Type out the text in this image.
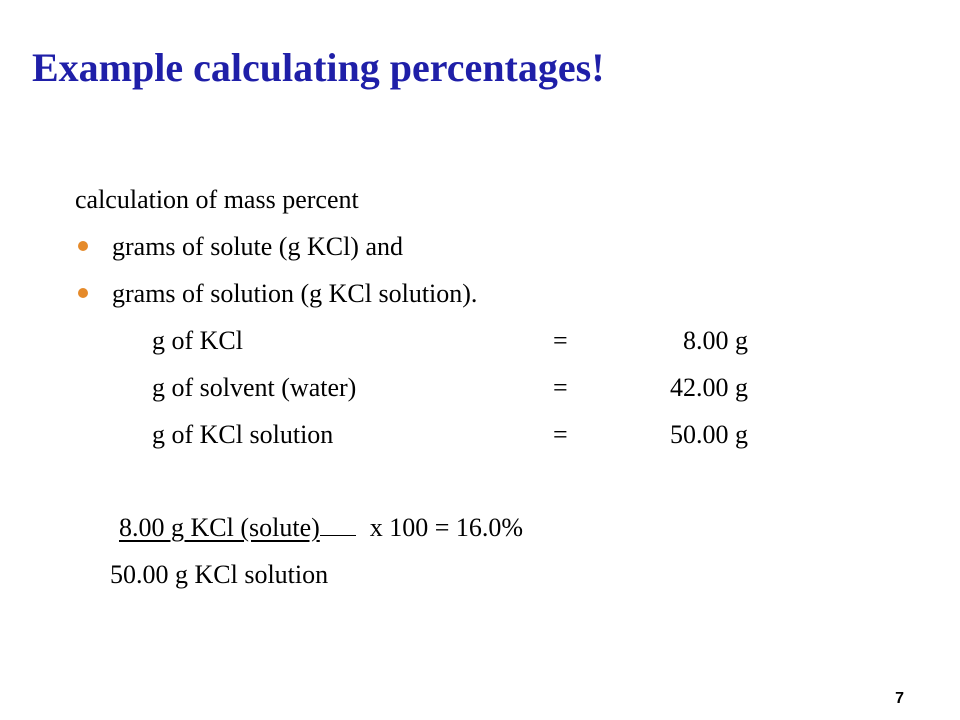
Example calculating percentages!
calculation of mass percent
grams of solute (g KCl) and
grams of solution (g KCl solution).
g of KCl	=	8.00 g
g of solvent (water)	=	42.00 g
g of KCl solution	=	50.00 g
8.00 g KCl (solute) x 100 = 16.0%
50.00 g KCl solution
7
